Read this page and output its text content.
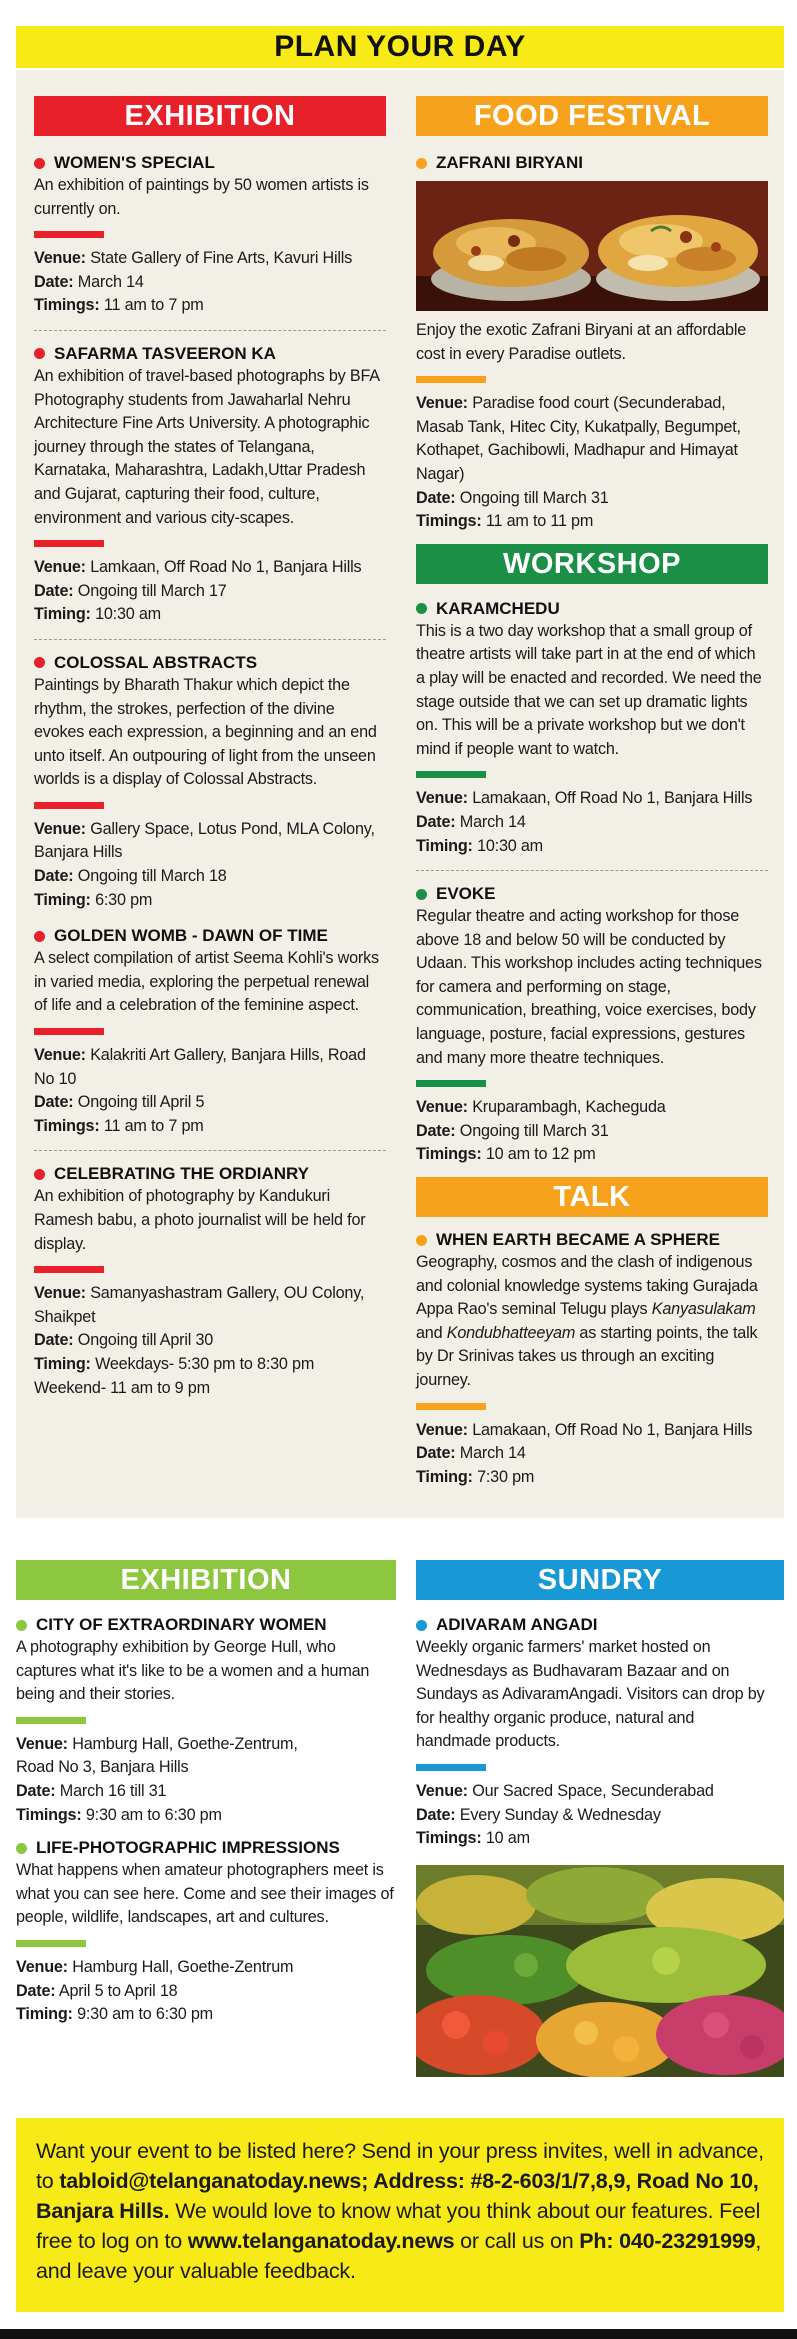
PLAN YOUR DAY
EXHIBITION
WOMEN'S SPECIAL
An exhibition of paintings by 50 women artists is currently on.
Venue: State Gallery of Fine Arts, Kavuri Hills
Date: March 14
Timings: 11 am to 7 pm
SAFARMA TASVEERON KA
An exhibition of travel-based photographs by BFA Photography students from Jawaharlal Nehru Architecture Fine Arts University. A photographic journey through the states of Telangana, Karnataka, Maharashtra, Ladakh,Uttar Pradesh and Gujarat, capturing their food, culture, environment and various city-scapes.
Venue: Lamkaan, Off Road No 1, Banjara Hills
Date: Ongoing till March 17
Timing: 10:30 am
COLOSSAL ABSTRACTS
Paintings by Bharath Thakur which depict the rhythm, the strokes, perfection of the divine evokes each expression, a beginning and an end unto itself. An outpouring of light from the unseen worlds is a display of Colossal Abstracts.
Venue: Gallery Space, Lotus Pond, MLA Colony, Banjara Hills
Date: Ongoing till March 18
Timing: 6:30 pm
GOLDEN WOMB - DAWN OF TIME
A select compilation of artist Seema Kohli's works in varied media, exploring the perpetual renewal of life and a celebration of the feminine aspect.
Venue: Kalakriti Art Gallery, Banjara Hills, Road No 10
Date: Ongoing till April 5
Timings: 11 am to 7 pm
CELEBRATING THE ORDIANRY
An exhibition of photography by Kandukuri Ramesh babu, a photo journalist will be held for display.
Venue: Samanyashastram Gallery, OU Colony, Shaikpet
Date: Ongoing till April 30
Timing: Weekdays- 5:30 pm to 8:30 pm
Weekend- 11 am to 9 pm
FOOD FESTIVAL
ZAFRANI BIRYANI
Enjoy the exotic Zafrani Biryani at an affordable cost in every Paradise outlets.
Venue: Paradise food court (Secunderabad, Masab Tank, Hitec City, Kukatpally, Begumpet, Kothapet, Gachibowli, Madhapur and Himayat Nagar)
Date: Ongoing till March 31
Timings: 11 am to 11 pm
WORKSHOP
KARAMCHEDU
This is a two day workshop that a small group of theatre artists will take part in at the end of which a play will be enacted and recorded. We need the stage outside that we can set up dramatic lights on. This will be a private workshop but we don't mind if people want to watch.
Venue: Lamakaan, Off Road No 1, Banjara Hills
Date: March 14
Timing: 10:30 am
EVOKE
Regular theatre and acting workshop for those above 18 and below 50 will be conducted by Udaan. This workshop includes acting techniques for camera and performing on stage, communication, breathing, voice exercises, body language, posture, facial expressions, gestures and many more theatre techniques.
Venue: Kruparambagh, Kacheguda
Date: Ongoing till March 31
Timings: 10 am to 12 pm
TALK
WHEN EARTH BECAME A SPHERE
Geography, cosmos and the clash of indigenous and colonial knowledge systems taking Gurajada Appa Rao's seminal Telugu plays Kanyasulakam and Kondubhatteeyam as starting points, the talk by Dr Srinivas takes us through an exciting journey.
Venue: Lamakaan, Off Road No 1, Banjara Hills
Date: March 14
Timing: 7:30 pm
EXHIBITION
CITY OF EXTRAORDINARY WOMEN
A photography exhibition by George Hull, who captures what it's like to be a women and a human being and their stories.
Venue: Hamburg Hall, Goethe-Zentrum, Road No 3, Banjara Hills
Date: March 16 till 31
Timings: 9:30 am to 6:30 pm
LIFE-PHOTOGRAPHIC IMPRESSIONS
What happens when amateur photographers meet is what you can see here. Come and see their images of people, wildlife, landscapes, art and cultures.
Venue: Hamburg Hall, Goethe-Zentrum
Date: April 5 to April 18
Timing: 9:30 am to 6:30 pm
SUNDRY
ADIVARAM ANGADI
Weekly organic farmers' market hosted on Wednesdays as Budhavaram Bazaar and on Sundays as AdivaramAngadi. Visitors can drop by for healthy organic produce, natural and handmade products.
Venue: Our Sacred Space, Secunderabad
Date: Every Sunday & Wednesday
Timings: 10 am
Want your event to be listed here? Send in your press invites, well in advance, to tabloid@telanganatoday.news; Address: #8-2-603/1/7,8,9, Road No 10, Banjara Hills. We would love to know what you think about our features. Feel free to log on to www.telanganatoday.news or call us on Ph: 040-23291999, and leave your valuable feedback.
